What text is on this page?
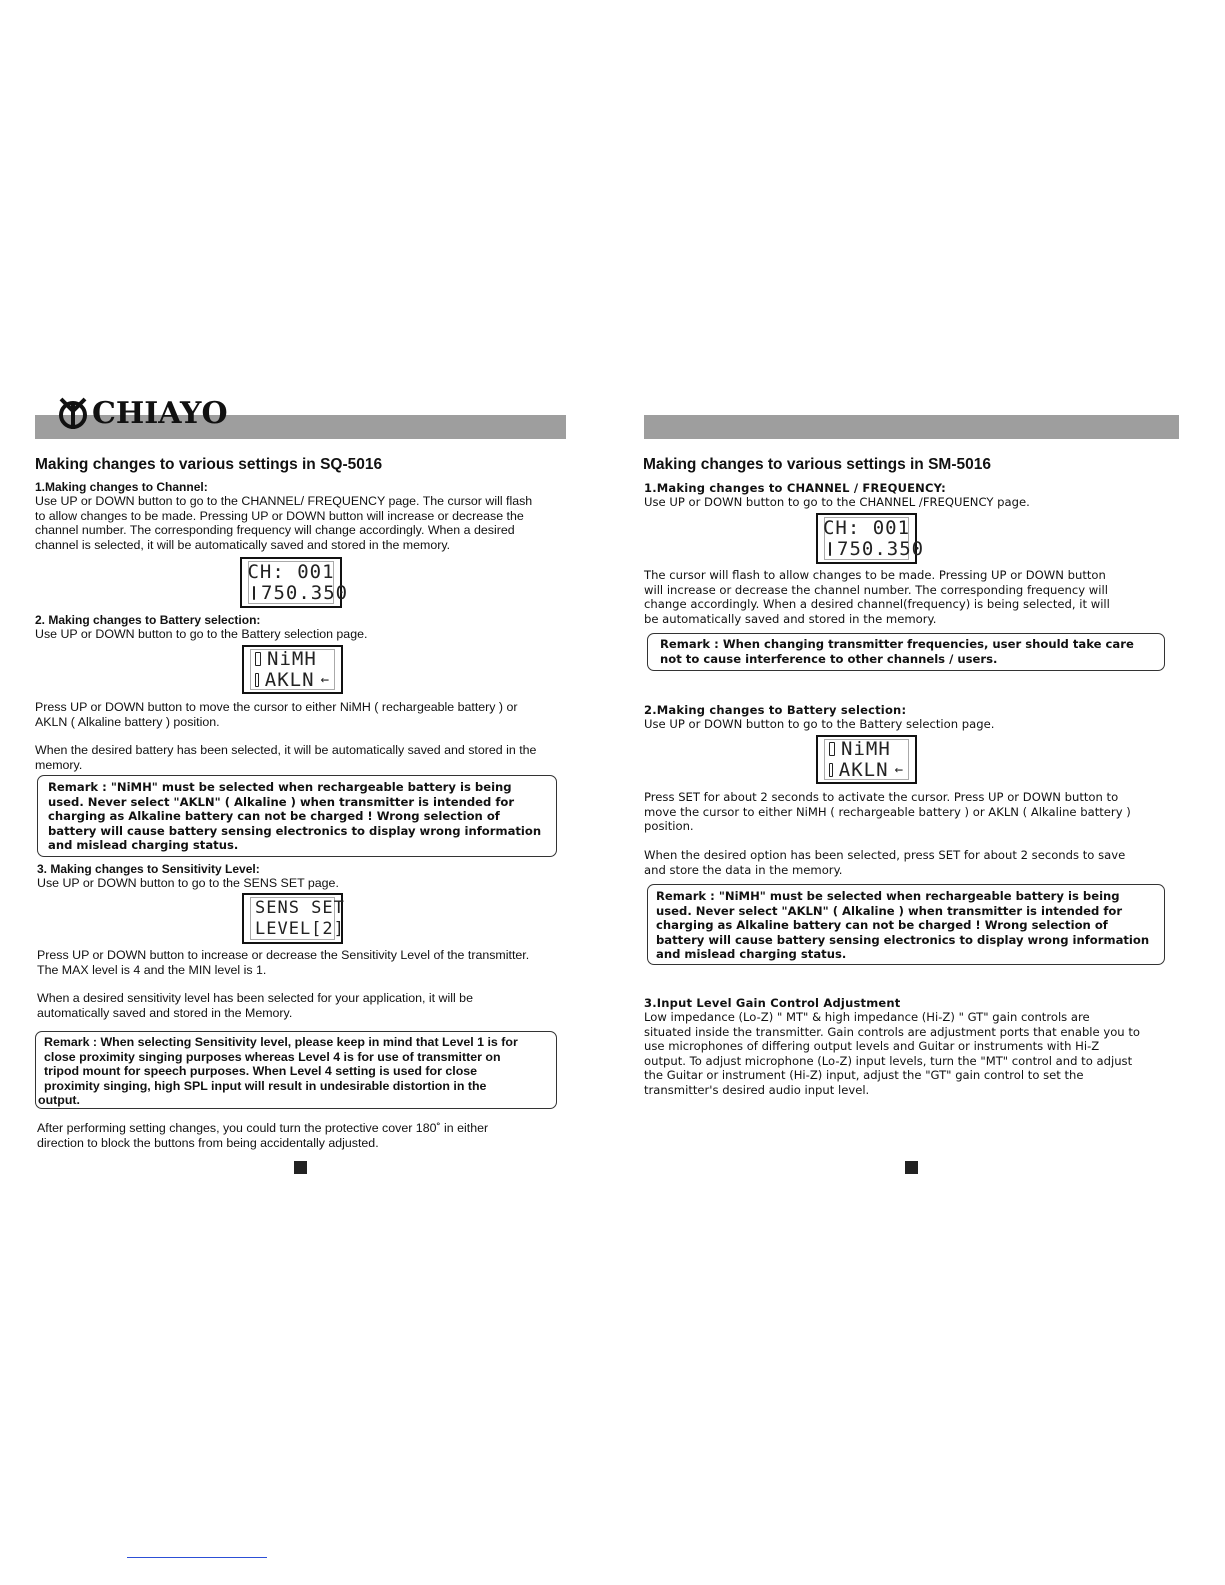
CHIAYO
Making changes to various settings in SQ-5016
1.Making changes to Channel:
Use UP or DOWN button to go to the CHANNEL/ FREQUENCY page. The cursor will flash
to allow changes to be made. Pressing UP or DOWN button will increase or decrease the
channel number. The corresponding frequency will change accordingly. When a desired
channel is selected, it will be automatically saved and stored in the memory.
CH: 001
750.350
2. Making changes to Battery selection:
Use UP or DOWN button to go to the Battery selection page.
NiMH
AKLN ←
Press UP or DOWN button to move the cursor to either NiMH ( rechargeable battery ) or
AKLN ( Alkaline battery ) position.
When the desired battery has been selected, it will be automatically saved and stored in the
memory.
Remark : "NiMH" must be selected when rechargeable battery is being
used. Never select "AKLN" ( Alkaline ) when transmitter is intended for
charging as Alkaline battery can not be charged ! Wrong selection of
battery will cause battery sensing electronics to display wrong information
and mislead charging status.
3. Making changes to Sensitivity Level:
Use UP or DOWN button to go to the SENS SET page.
SENS SET
LEVEL[2]
Press UP or DOWN button to increase or decrease the Sensitivity Level of the transmitter.
The MAX level is 4 and the MIN level is 1.
When a desired sensitivity level has been selected for your application, it will be
automatically saved and stored in the Memory.
Remark : When selecting Sensitivity level, please keep in mind that Level 1 is for
close proximity singing purposes whereas Level 4 is for use of transmitter on
tripod mount for speech purposes. When Level 4 setting is used for close
proximity singing, high SPL input will result in undesirable distortion in the
output.
After performing setting changes, you could turn the protective cover 180˚ in either
direction to block the buttons from being accidentally adjusted.
Making changes to various settings in SM-5016
1.Making changes to CHANNEL / FREQUENCY:
Use UP or DOWN button to go to the CHANNEL /FREQUENCY page.
CH: 001
750.350
The cursor will flash to allow changes to be made. Pressing UP or DOWN button
will increase or decrease the channel number. The corresponding frequency will
change accordingly. When a desired channel(frequency) is being selected, it will
be automatically saved and stored in the memory.
Remark : When changing transmitter frequencies, user should take care
not to cause interference to other channels / users.
2.Making changes to Battery selection:
Use UP or DOWN button to go to the Battery selection page.
NiMH
AKLN ←
Press SET for about 2 seconds to activate the cursor. Press UP or DOWN button to
move the cursor to either NiMH ( rechargeable battery ) or AKLN ( Alkaline battery )
position.
When the desired option has been selected, press SET for about 2 seconds to save
and store the data in the memory.
Remark : "NiMH" must be selected when rechargeable battery is being
used. Never select "AKLN" ( Alkaline ) when transmitter is intended for
charging as Alkaline battery can not be charged ! Wrong selection of
battery will cause battery sensing electronics to display wrong information
and mislead charging status.
3.Input Level Gain Control Adjustment
Low impedance (Lo-Z) " MT" & high impedance (Hi-Z) " GT" gain controls are
situated inside the transmitter. Gain controls are adjustment ports that enable you to
use microphones of differing output levels and Guitar or instruments with Hi-Z
output. To adjust microphone (Lo-Z) input levels, turn the "MT" control and to adjust
the Guitar or instrument (Hi-Z) input, adjust the "GT" gain control to set the
transmitter's desired audio input level.
